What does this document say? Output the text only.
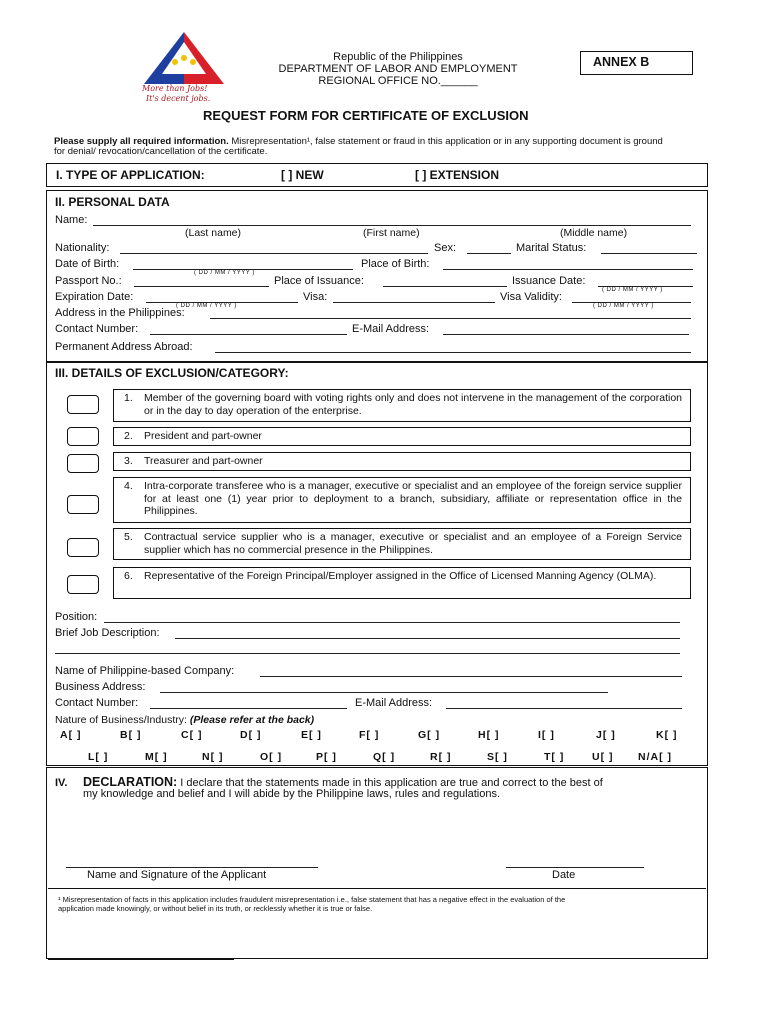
More than Jobs!
It's decent jobs.
Republic of the Philippines
DEPARTMENT OF LABOR AND EMPLOYMENT
REGIONAL OFFICE NO.______
ANNEX B
REQUEST FORM FOR CERTIFICATE OF EXCLUSION
Please supply all required information. Misrepresentation¹, false statement or fraud in this application or in any supporting document is ground
for denial/ revocation/cancellation of the certificate.
I. TYPE OF APPLICATION:	[ ] NEW	[ ] EXTENSION
II. PERSONAL DATA
Name:
(Last name)	(First name)	(Middle name)
Nationality:	Sex:	Marital Status:
Date of Birth:	Place of Birth:
( DD / MM / YYYY )
Passport No.:	Place of Issuance:	Issuance Date:
( DD / MM / YYYY )
Expiration Date:	Visa:	Visa Validity:
( DD / MM / YYYY )	( DD / MM / YYYY )
Address in the Philippines:
Contact Number:	E-Mail Address:
Permanent Address Abroad:
III. DETAILS OF EXCLUSION/CATEGORY:
1. Member of the governing board with voting rights only and does not intervene in the management of the corporation or in the day to day operation of the enterprise.
2. President and part-owner
3. Treasurer and part-owner
4. Intra-corporate transferee who is a manager, executive or specialist and an employee of the foreign service supplier for at least one (1) year prior to deployment to a branch, subsidiary, affiliate or representation office in the Philippines.
5. Contractual service supplier who is a manager, executive or specialist and an employee of a Foreign Service supplier which has no commercial presence in the Philippines.
6. Representative of the Foreign Principal/Employer assigned in the Office of Licensed Manning Agency (OLMA).
Position:
Brief Job Description:
Name of Philippine-based Company:
Business Address:
Contact Number:	E-Mail Address:
Nature of Business/Industry: (Please refer at the back)
A[ ]	B[ ]	C[ ]	D[ ]	E[ ]	F[ ]	G[ ]	H[ ]	I[ ]	J[ ]	K[ ]
L[ ]	M[ ]	N[ ]	O[ ]	P[ ]	Q[ ]	R[ ]	S[ ]	T[ ]	U[ ] N/A[ ]
IV. DECLARATION: I declare that the statements made in this application are true and correct to the best of
my knowledge and belief and I will abide by the Philippine laws, rules and regulations.
Name and Signature of the Applicant	Date
¹ Misrepresentation of facts in this application includes fraudulent misrepresentation i.e., false statement that has a negative effect in the evaluation of the
application made knowingly, or without belief in its truth, or recklessly whether it is true or false.
